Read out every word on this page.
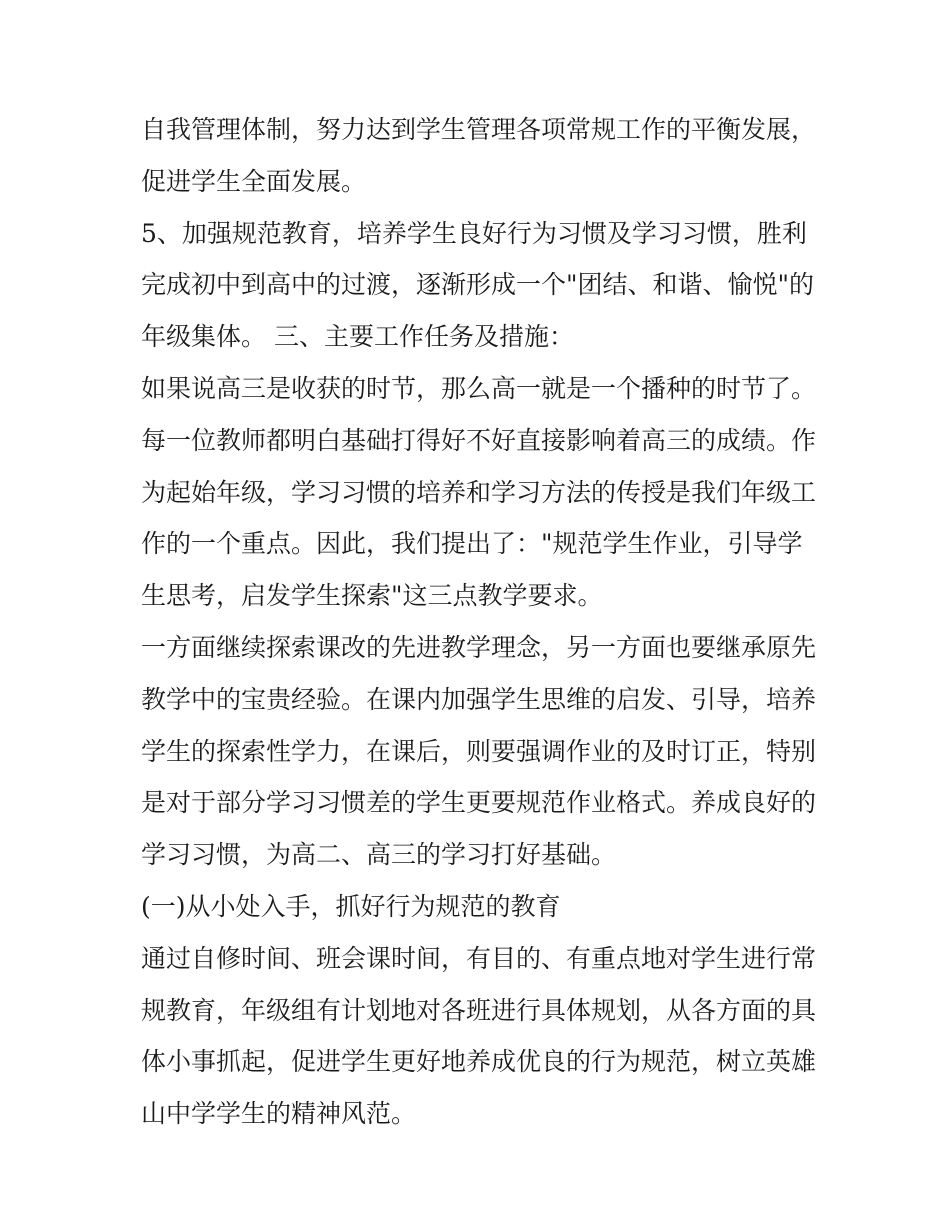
自我管理体制，努力达到学生管理各项常规工作的平衡发展，
促进学生全面发展。
5、加强规范教育，培养学生良好行为习惯及学习习惯，胜利
完成初中到高中的过渡，逐渐形成一个"团结、和谐、愉悦"的
年级集体。 三、主要工作任务及措施：
如果说高三是收获的时节，那么高一就是一个播种的时节了。
每一位教师都明白基础打得好不好直接影响着高三的成绩。作
为起始年级，学习习惯的培养和学习方法的传授是我们年级工
作的一个重点。因此，我们提出了："规范学生作业，引导学
生思考，启发学生探索"这三点教学要求。
一方面继续探索课改的先进教学理念，另一方面也要继承原先
教学中的宝贵经验。在课内加强学生思维的启发、引导，培养
学生的探索性学力，在课后，则要强调作业的及时订正，特别
是对于部分学习习惯差的学生更要规范作业格式。养成良好的
学习习惯，为高二、高三的学习打好基础。
(一)从小处入手，抓好行为规范的教育
通过自修时间、班会课时间，有目的、有重点地对学生进行常
规教育，年级组有计划地对各班进行具体规划，从各方面的具
体小事抓起，促进学生更好地养成优良的行为规范，树立英雄
山中学学生的精神风范。
